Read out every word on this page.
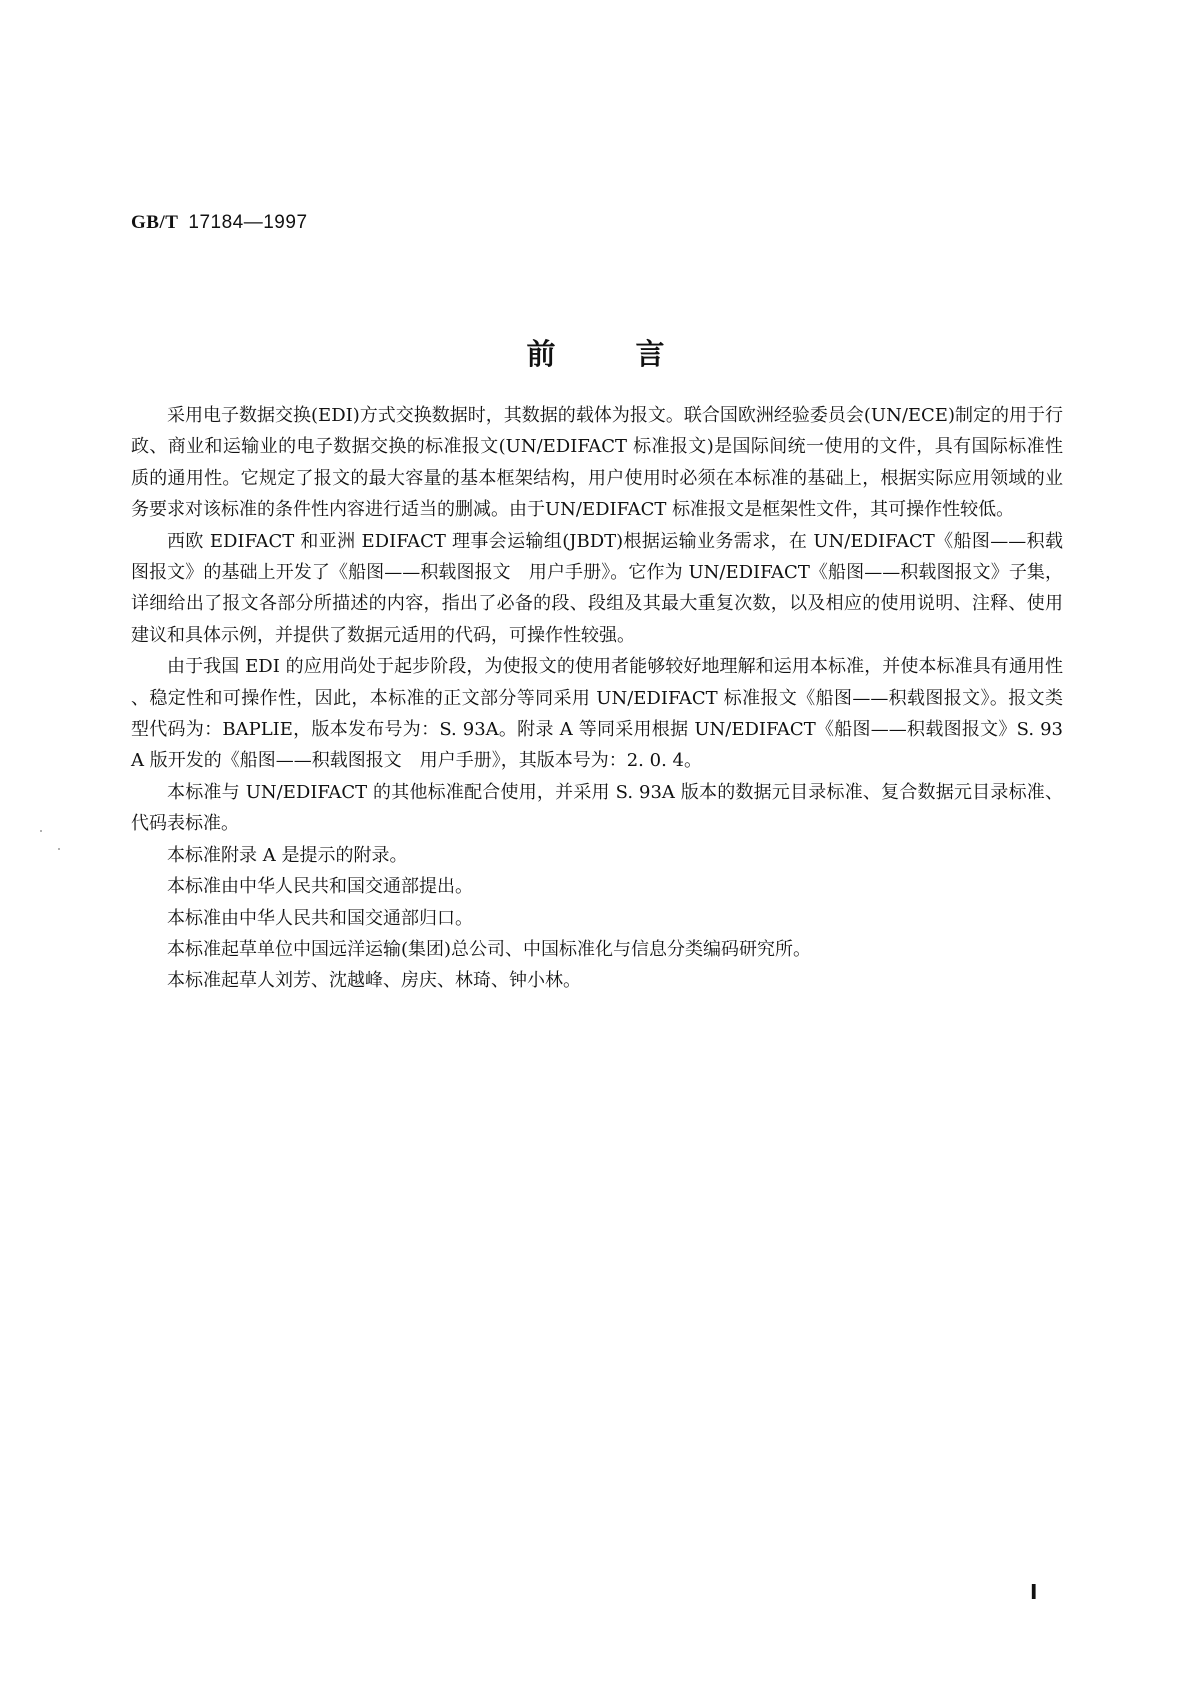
GB/T 17184—1997
前言

采用电子数据交换(EDI)方式交换数据时，其数据的载体为报文。联合国欧洲经验委员会(UN/ECE)制定的用于行政、商业和运输业的电子数据交换的标准报文(UN/EDIFACT 标准报文)是国际间统一使用的文件，具有国际标准性质的通用性。它规定了报文的最大容量的基本框架结构，用户使用时必须在本标准的基础上，根据实际应用领域的业务要求对该标准的条件性内容进行适当的删减。由于UN/EDIFACT 标准报文是框架性文件，其可操作性较低。

西欧 EDIFACT 和亚洲 EDIFACT 理事会运输组(JBDT)根据运输业务需求，在 UN/EDIFACT《船图——积载图报文》的基础上开发了《船图——积载图报文　用户手册》。它作为 UN/EDIFACT《船图——积载图报文》子集，详细给出了报文各部分所描述的内容，指出了必备的段、段组及其最大重复次数，以及相应的使用说明、注释、使用建议和具体示例，并提供了数据元适用的代码，可操作性较强。

由于我国 EDI 的应用尚处于起步阶段，为使报文的使用者能够较好地理解和运用本标准，并使本标准具有通用性、稳定性和可操作性，因此，本标准的正文部分等同采用 UN/EDIFACT 标准报文《船图——积载图报文》。报文类型代码为：BAPLIE，版本发布号为：S. 93A。附录 A 等同采用根据 UN/EDIFACT《船图——积载图报文》S. 93A 版开发的《船图——积载图报文　用户手册》，其版本号为：2. 0. 4。

本标准与 UN/EDIFACT 的其他标准配合使用，并采用 S. 93A 版本的数据元目录标准、复合数据元目录标准、代码表标准。

本标准附录 A 是提示的附录。

本标准由中华人民共和国交通部提出。

本标准由中华人民共和国交通部归口。

本标准起草单位中国远洋运输(集团)总公司、中国标准化与信息分类编码研究所。

本标准起草人刘芳、沈越峰、房庆、林琦、钟小林。

I
